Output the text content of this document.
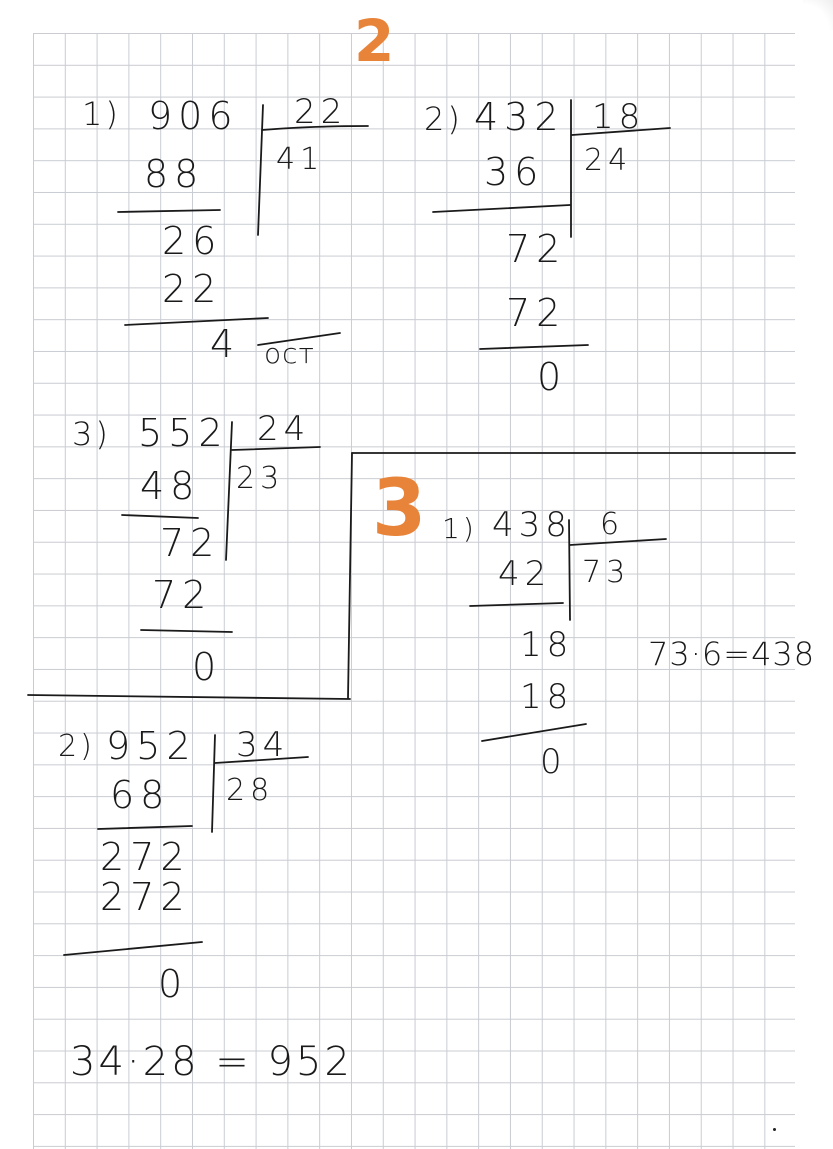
2
3
1) 906 22
41
88
26
22
4 ост
2) 432 18
24
36
72
72
0
3) 552 24
23
48
72
72
0
1) 438 6
73
42
18
18
0
73·6=438
2) 952 34
28
68
272
272
0
34·28 = 952
